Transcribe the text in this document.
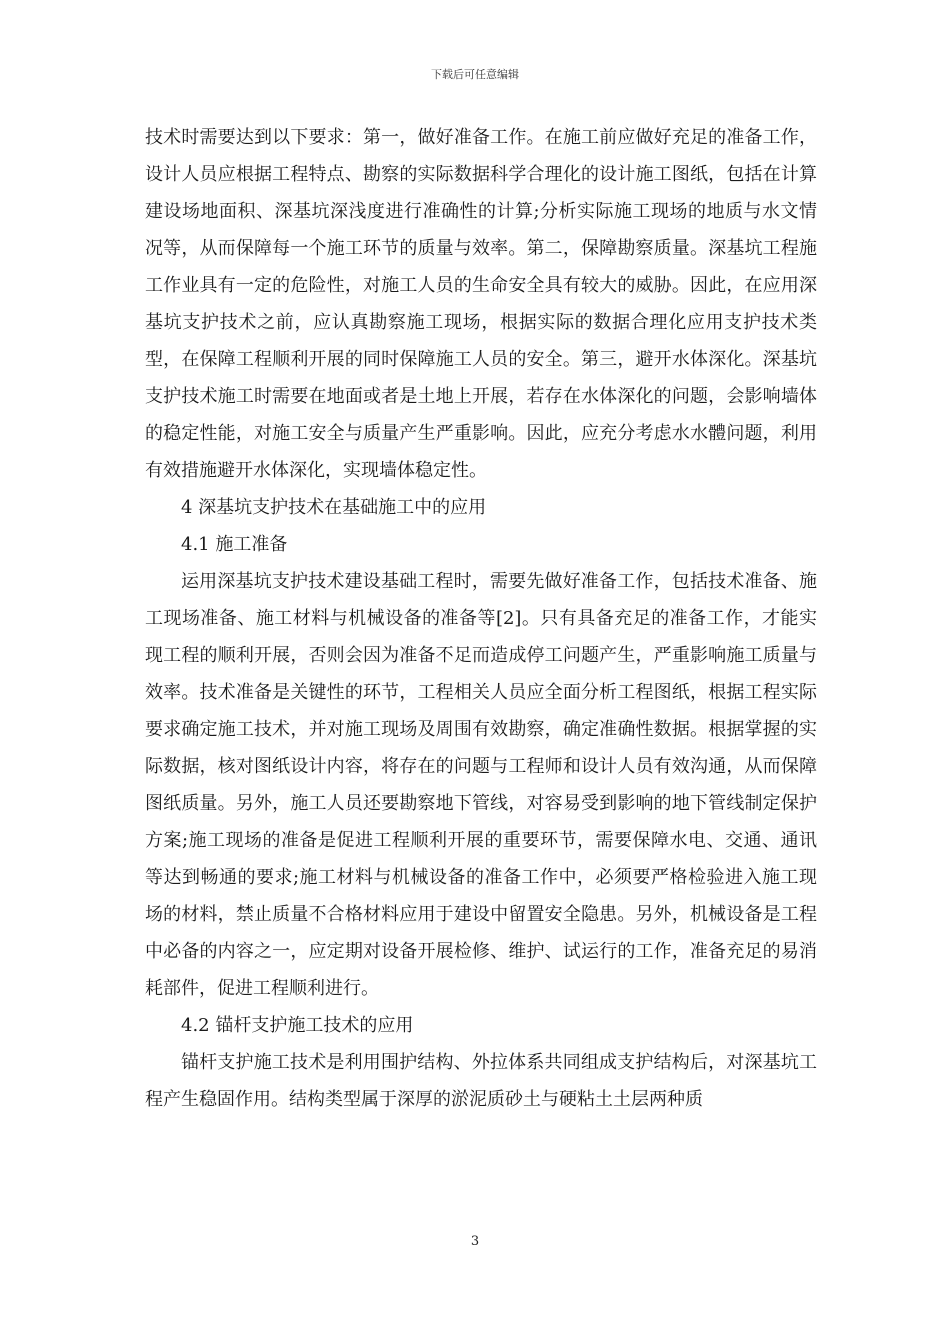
下载后可任意编辑

技术时需要达到以下要求：第一，做好准备工作。在施工前应做好充足的准备工作，设计人员应根据工程特点、勘察的实际数据科学合理化的设计施工图纸，包括在计算建设场地面积、深基坑深浅度进行准确性的计算;分析实际施工现场的地质与水文情况等，从而保障每一个施工环节的质量与效率。第二，保障勘察质量。深基坑工程施工作业具有一定的危险性，对施工人员的生命安全具有较大的威胁。因此，在应用深基坑支护技术之前，应认真勘察施工现场，根据实际的数据合理化应用支护技术类型，在保障工程顺利开展的同时保障施工人员的安全。第三，避开水体深化。深基坑支护技术施工时需要在地面或者是土地上开展，若存在水体深化的问题，会影响墙体的稳定性能，对施工安全与质量产生严重影响。因此，应充分考虑水水體问题，利用有效措施避开水体深化，实现墙体稳定性。

4 深基坑支护技术在基础施工中的应用

4.1 施工准备

运用深基坑支护技术建设基础工程时，需要先做好准备工作，包括技术准备、施工现场准备、施工材料与机械设备的准备等[2]。只有具备充足的准备工作，才能实现工程的顺利开展，否则会因为准备不足而造成停工问题产生，严重影响施工质量与效率。技术准备是关键性的环节，工程相关人员应全面分析工程图纸，根据工程实际要求确定施工技术，并对施工现场及周围有效勘察，确定准确性数据。根据掌握的实际数据，核对图纸设计内容，将存在的问题与工程师和设计人员有效沟通，从而保障图纸质量。另外，施工人员还要勘察地下管线，对容易受到影响的地下管线制定保护方案;施工现场的准备是促进工程顺利开展的重要环节，需要保障水电、交通、通讯等达到畅通的要求;施工材料与机械设备的准备工作中，必须要严格检验进入施工现场的材料，禁止质量不合格材料应用于建设中留置安全隐患。另外，机械设备是工程中必备的内容之一，应定期对设备开展检修、维护、试运行的工作，准备充足的易消耗部件，促进工程顺利进行。

4.2 锚杆支护施工技术的应用

锚杆支护施工技术是利用围护结构、外拉体系共同组成支护结构后，对深基坑工程产生稳固作用。结构类型属于深厚的淤泥质砂土与硬粘土土层两种质

3
